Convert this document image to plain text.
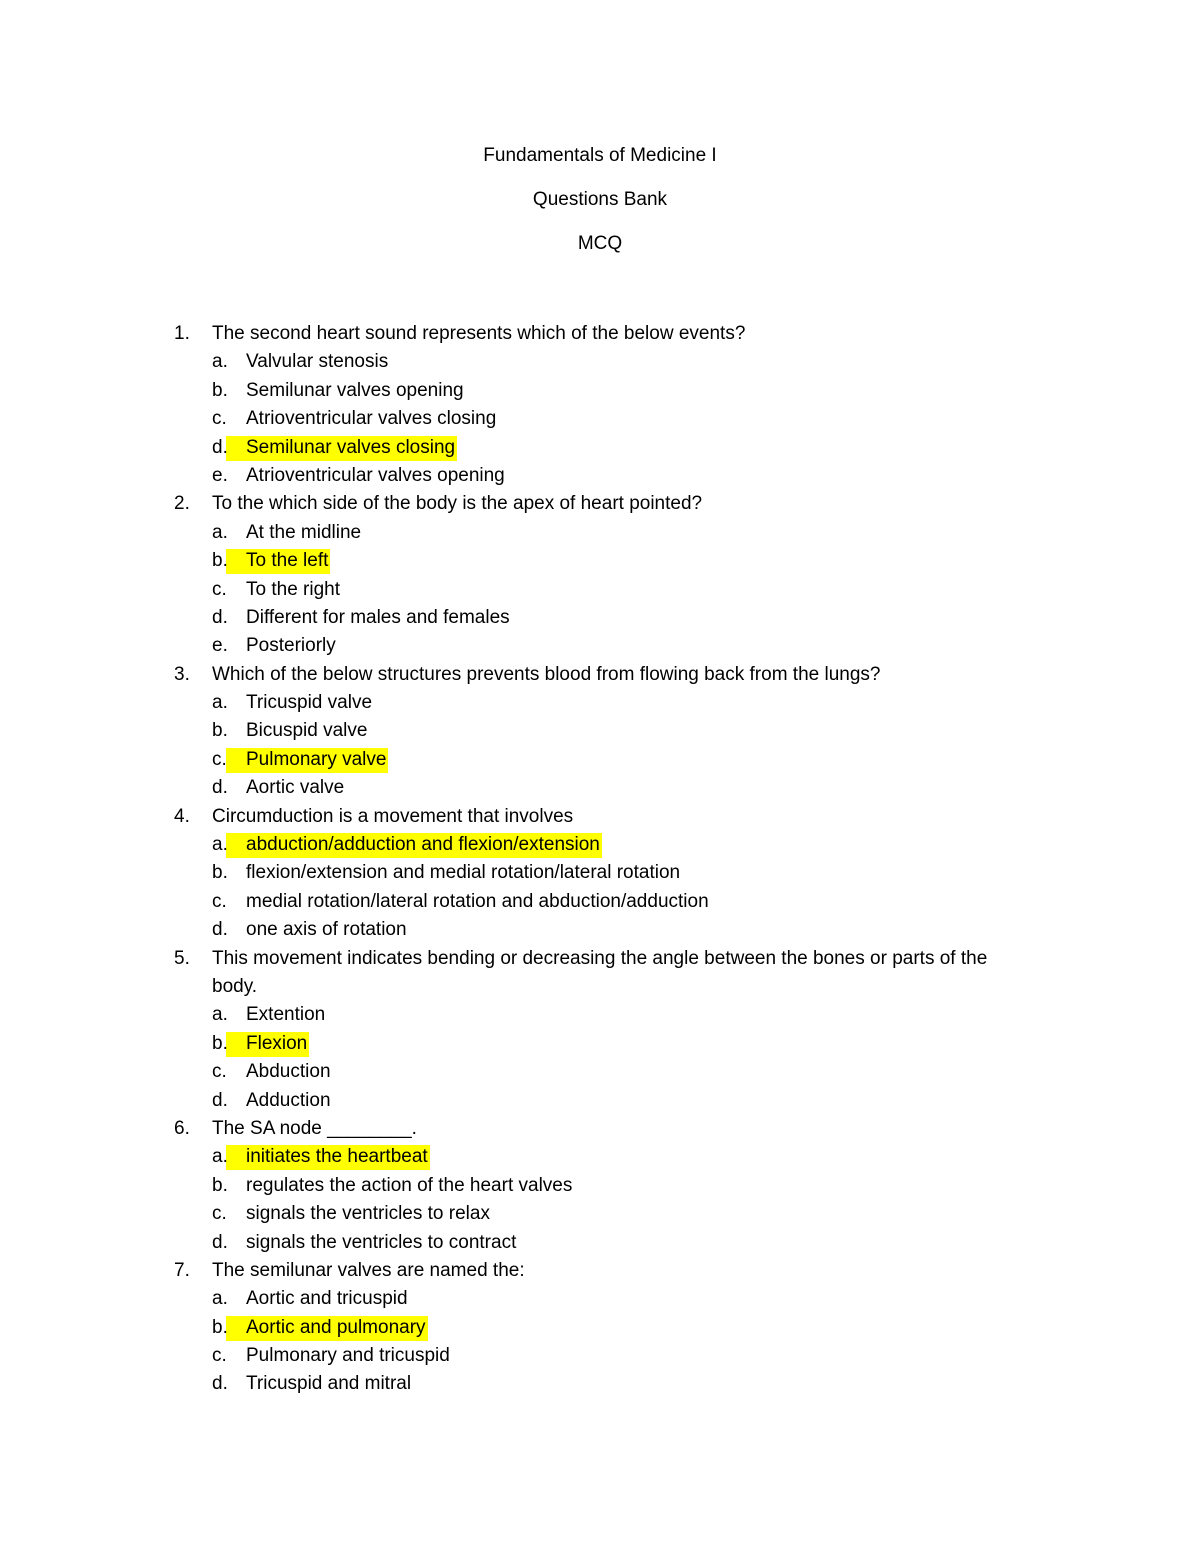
Fundamentals of Medicine I
Questions Bank
MCQ
1. The second heart sound represents which of the below events?
a. Valvular stenosis
b. Semilunar valves opening
c.	Atrioventricular valves closing
d. Semilunar valves closing
e. Atrioventricular valves opening
2. To the which side of the body is the apex of heart pointed?
a. At the midline
b. To the left
c.	To the right
d. Different for males and females
e. Posteriorly
3. Which of the below structures prevents blood from flowing back from the lungs?
a. Tricuspid valve
b. Bicuspid valve
c.	Pulmonary valve
d. Aortic valve
4. Circumduction is a movement that involves
a. abduction/adduction and flexion/extension
b. flexion/extension and medial rotation/lateral rotation
c.	medial rotation/lateral rotation and abduction/adduction
d. one axis of rotation
5. This movement indicates bending or decreasing the angle between the bones or parts of the body.
a. Extention
b. Flexion
c.	Abduction
d. Adduction
6. The SA node ________.
a. initiates the heartbeat
b. regulates the action of the heart valves
c.	signals the ventricles to relax
d. signals the ventricles to contract
7. The semilunar valves are named the:
a. Aortic and tricuspid
b. Aortic and pulmonary
c.	Pulmonary and tricuspid
d. Tricuspid and mitral
